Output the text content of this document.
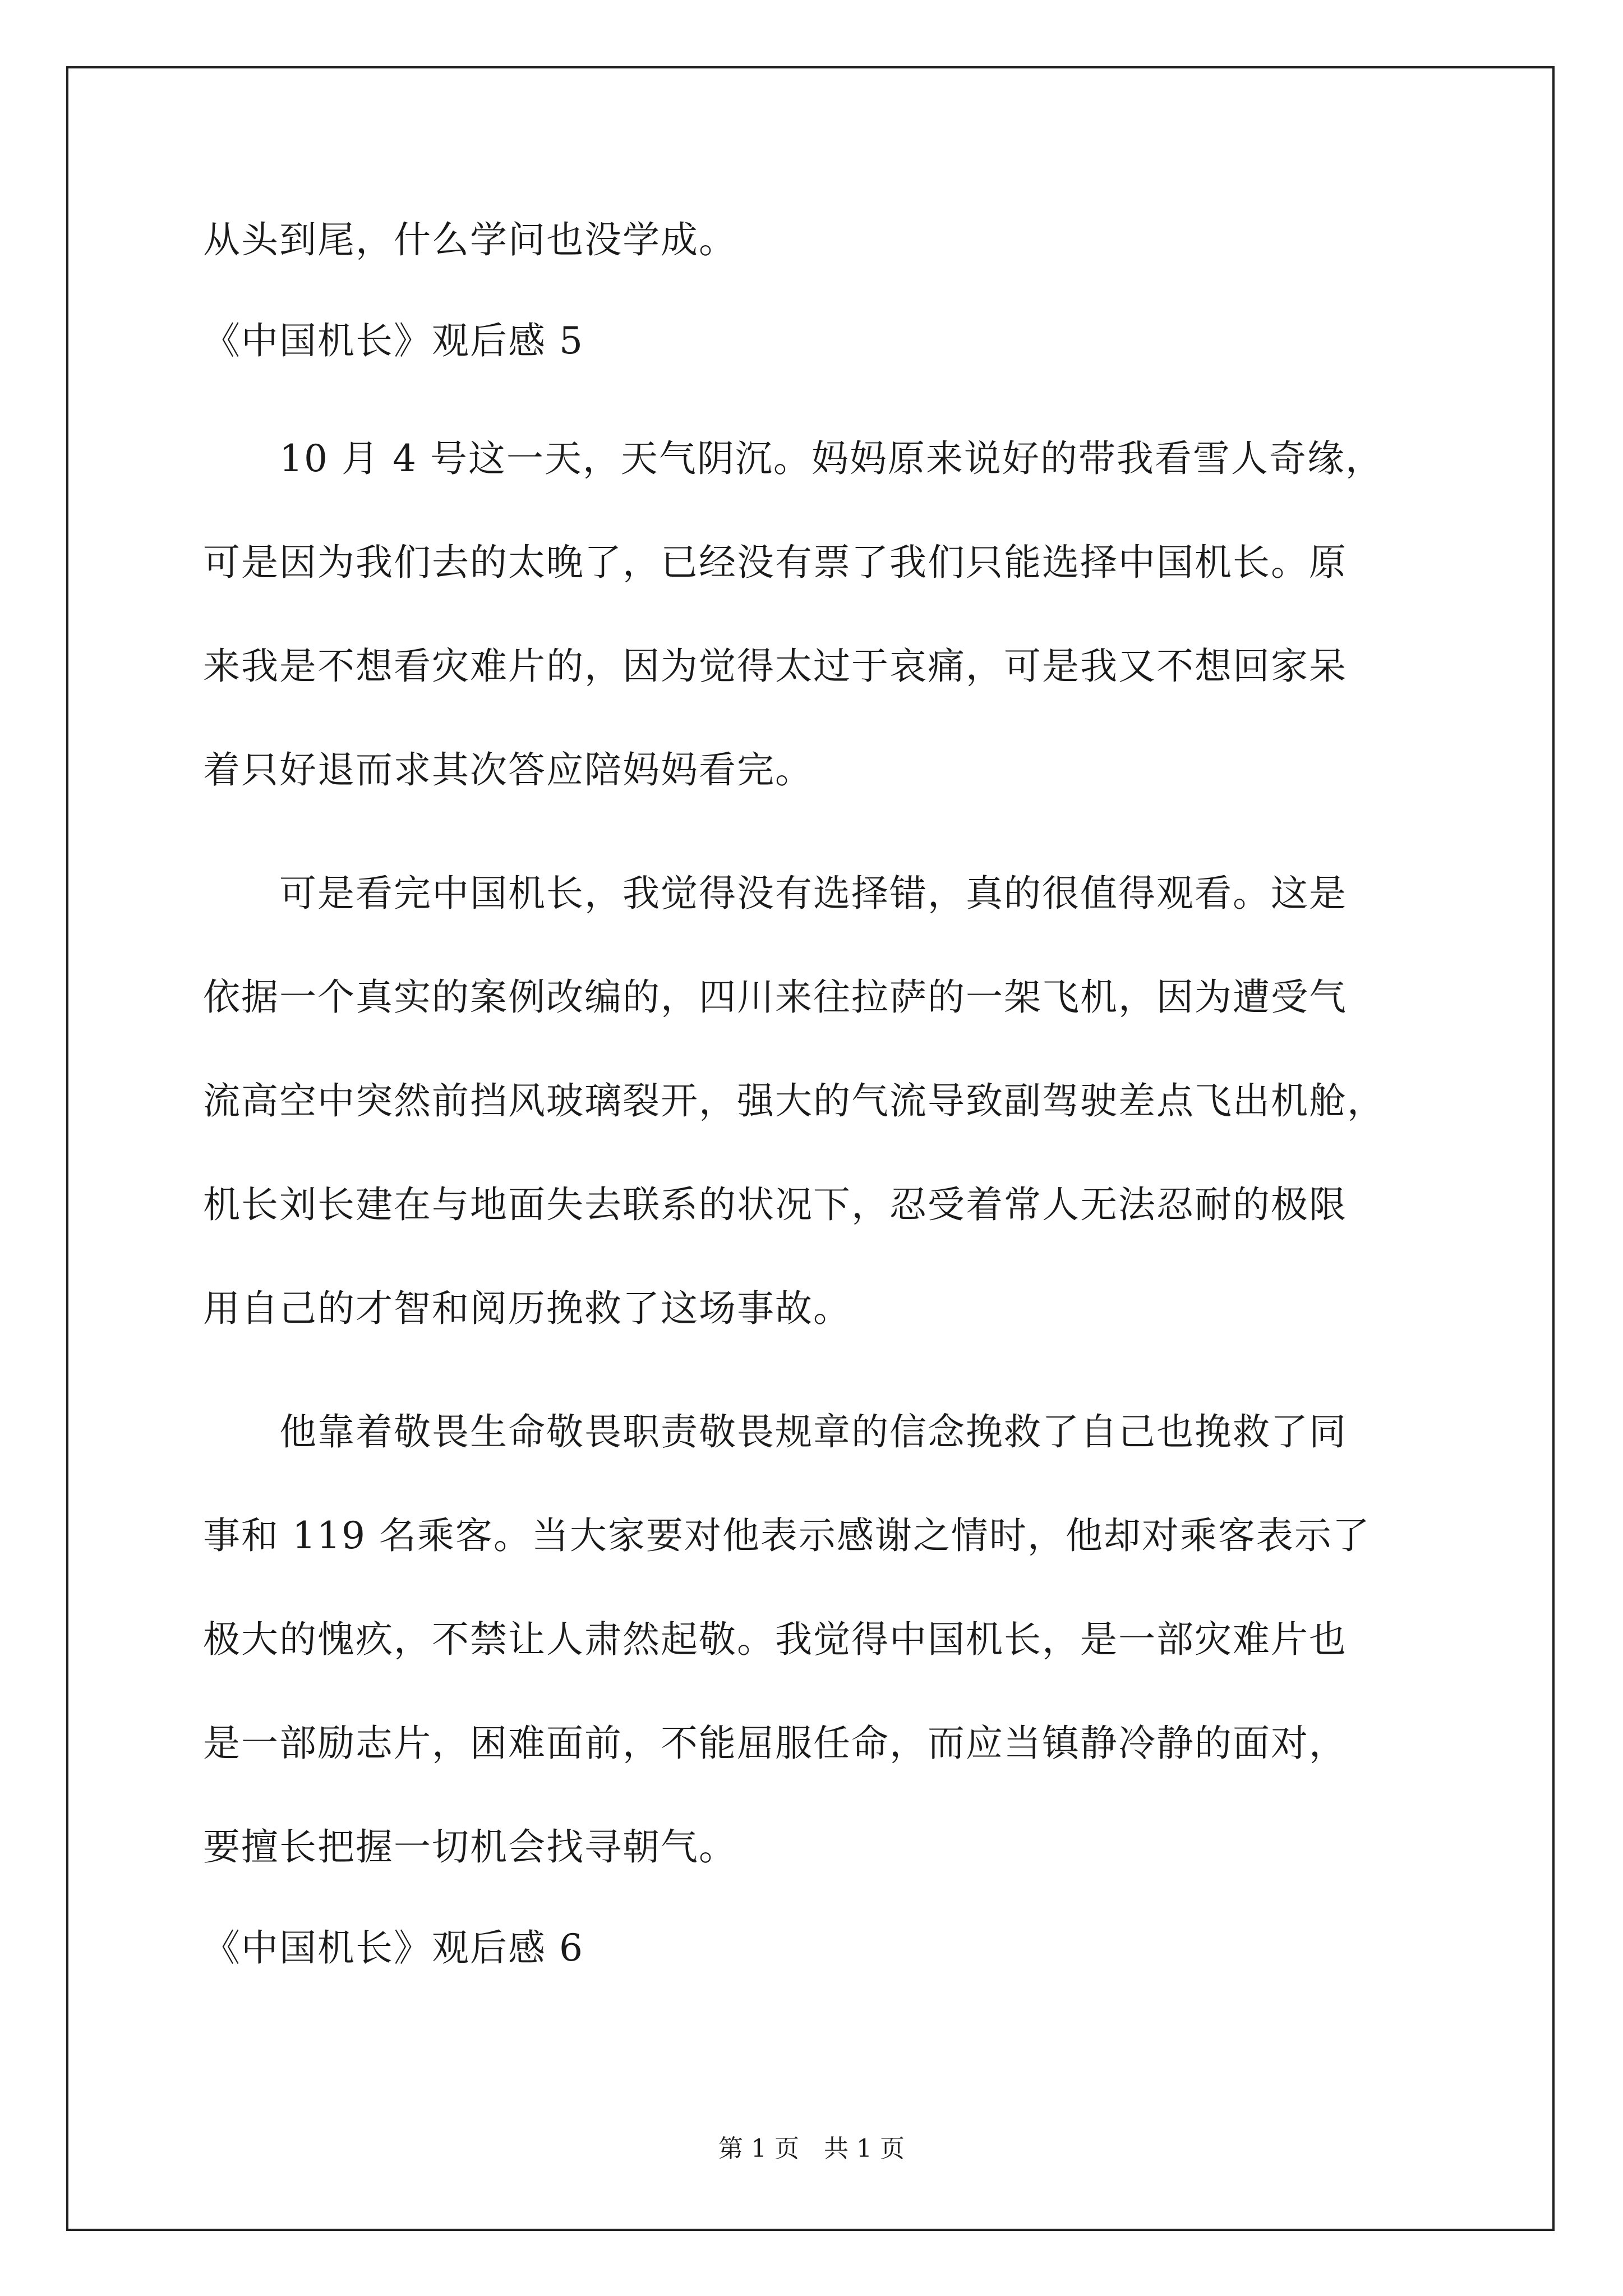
从头到尾，什么学问也没学成。

《中国机长》观后感 5

　　10 月 4 号这一天，天气阴沉。妈妈原来说好的带我看雪人奇缘，

可是因为我们去的太晚了，已经没有票了我们只能选择中国机长。原

来我是不想看灾难片的，因为觉得太过于哀痛，可是我又不想回家呆

着只好退而求其次答应陪妈妈看完。

　　可是看完中国机长，我觉得没有选择错，真的很值得观看。这是

依据一个真实的案例改编的，四川来往拉萨的一架飞机，因为遭受气

流高空中突然前挡风玻璃裂开，强大的气流导致副驾驶差点飞出机舱，

机长刘长建在与地面失去联系的状况下，忍受着常人无法忍耐的极限

用自己的才智和阅历挽救了这场事故。

　　他靠着敬畏生命敬畏职责敬畏规章的信念挽救了自己也挽救了同

事和 119 名乘客。当大家要对他表示感谢之情时，他却对乘客表示了

极大的愧疚，不禁让人肃然起敬。我觉得中国机长，是一部灾难片也

是一部励志片，困难面前，不能屈服任命，而应当镇静冷静的面对，

要擅长把握一切机会找寻朝气。

《中国机长》观后感 6

第 1 页　共 1 页
